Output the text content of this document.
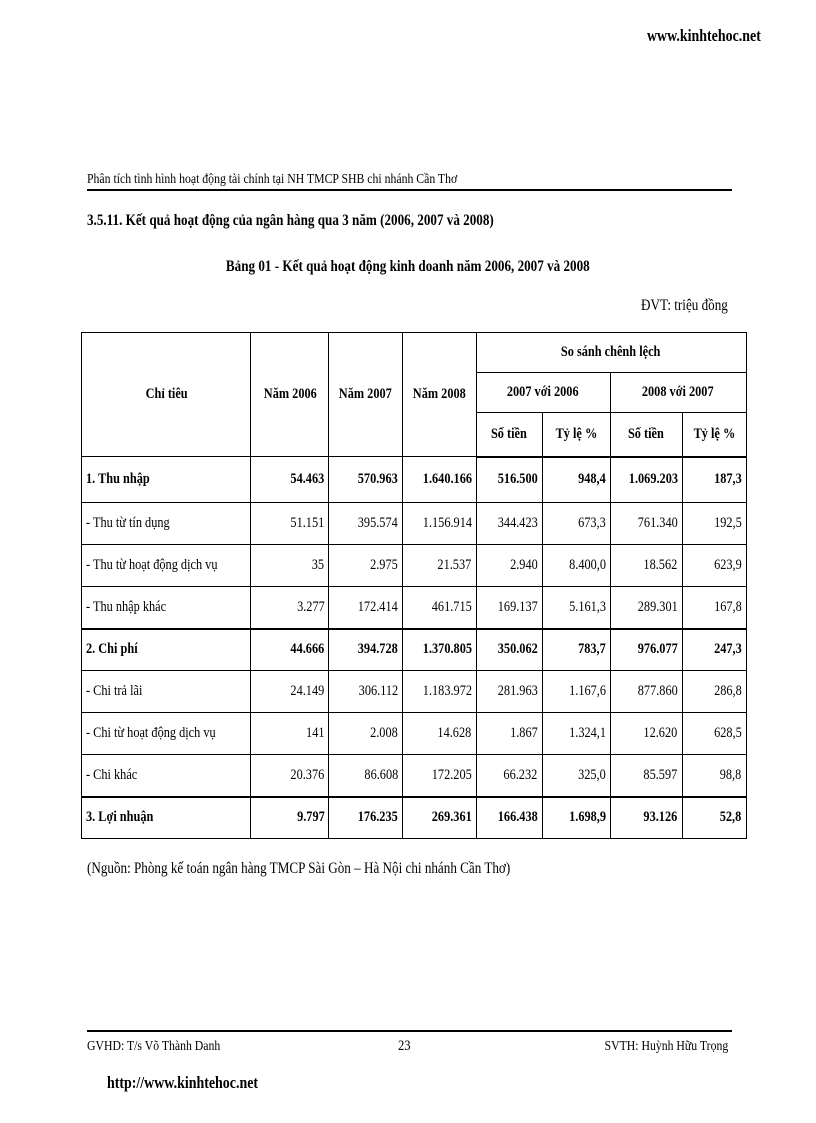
www.kinhtehoc.net
Phân tích tình hình hoạt động tài chính tại NH TMCP SHB chi nhánh Cần Thơ
3.5.11. Kết quả hoạt động của ngân hàng qua 3 năm (2006, 2007 và 2008)
Bảng 01 - Kết quả hoạt động kinh doanh năm 2006, 2007 và 2008
ĐVT: triệu đồng
Chỉ tiêu	Năm 2006	Năm 2007	Năm 2008	So sánh chênh lệch			
				2007 với 2006		2008 với 2007	
				Số tiền	Tỷ lệ %	Số tiền	Tỷ lệ %
1. Thu nhập	54.463	570.963	1.640.166	516.500	948,4	1.069.203	187,3
- Thu từ tín dụng	51.151	395.574	1.156.914	344.423	673,3	761.340	192,5
- Thu từ hoạt động dịch vụ	35	2.975	21.537	2.940	8.400,0	18.562	623,9
- Thu nhập khác	3.277	172.414	461.715	169.137	5.161,3	289.301	167,8
2. Chi phí	44.666	394.728	1.370.805	350.062	783,7	976.077	247,3
- Chi trả lãi	24.149	306.112	1.183.972	281.963	1.167,6	877.860	286,8
- Chi từ hoạt động dịch vụ	141	2.008	14.628	1.867	1.324,1	12.620	628,5
- Chi khác	20.376	86.608	172.205	66.232	325,0	85.597	98,8
3. Lợi nhuận	9.797	176.235	269.361	166.438	1.698,9	93.126	52,8
(Nguồn: Phòng kế toán ngân hàng TMCP Sài Gòn – Hà Nội chi nhánh Cần Thơ)
GVHD: T/s Võ Thành Danh	23	SVTH: Huỳnh Hữu Trọng
http://www.kinhtehoc.net
